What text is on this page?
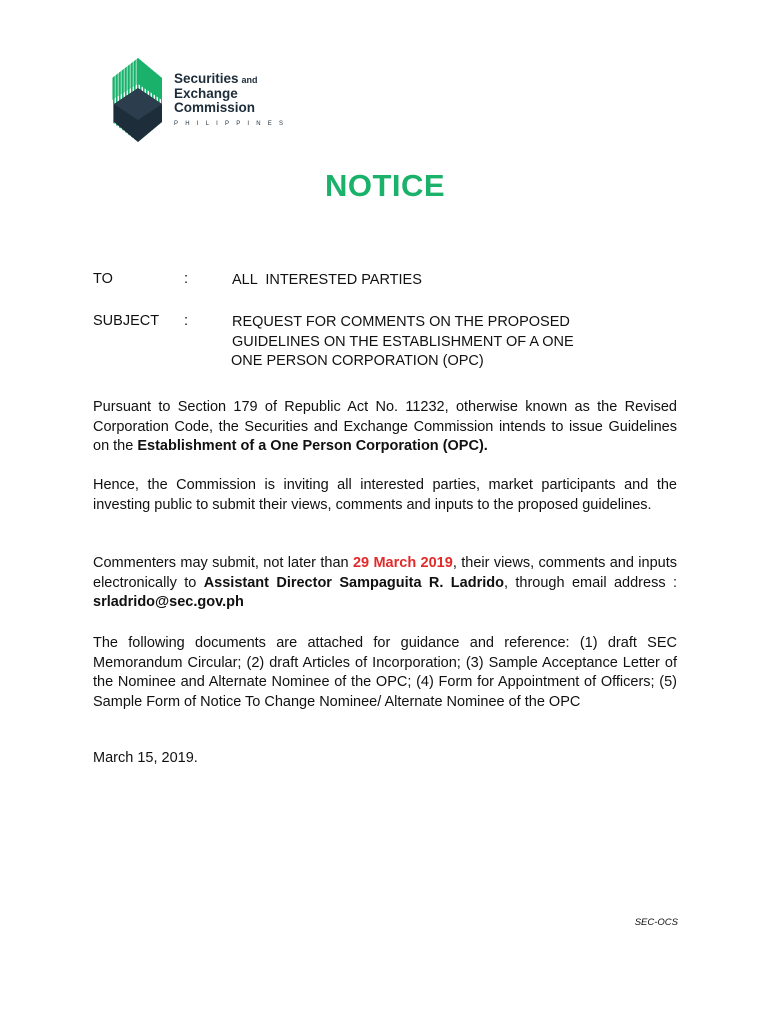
Securities and
Exchange
Commission
PHILIPPINES
NOTICE
TO	:	ALL  INTERESTED PARTIES
SUBJECT :	REQUEST FOR COMMENTS ON THE PROPOSED
GUIDELINES ON THE ESTABLISHMENT OF A ONE
ONE PERSON CORPORATION (OPC)

Pursuant to Section 179 of Republic Act No. 11232, otherwise known as the Revised Corporation Code, the Securities and Exchange Commission intends to issue Guidelines on the Establishment of a One Person Corporation (OPC).

Hence, the Commission is inviting all interested parties, market participants and the investing public to submit their views, comments and inputs to the proposed guidelines.

Commenters may submit, not later than 29 March 2019, their views, comments and inputs electronically to Assistant Director Sampaguita R. Ladrido, through email address :  srladrido@sec.gov.ph

The following documents are attached for guidance and reference: (1) draft SEC Memorandum Circular; (2) draft Articles of Incorporation; (3) Sample Acceptance Letter of the Nominee and Alternate Nominee of the OPC; (4) Form for Appointment of Officers; (5) Sample Form of Notice To Change Nominee/ Alternate Nominee of the OPC

March 15, 2019.
SEC-OCS
